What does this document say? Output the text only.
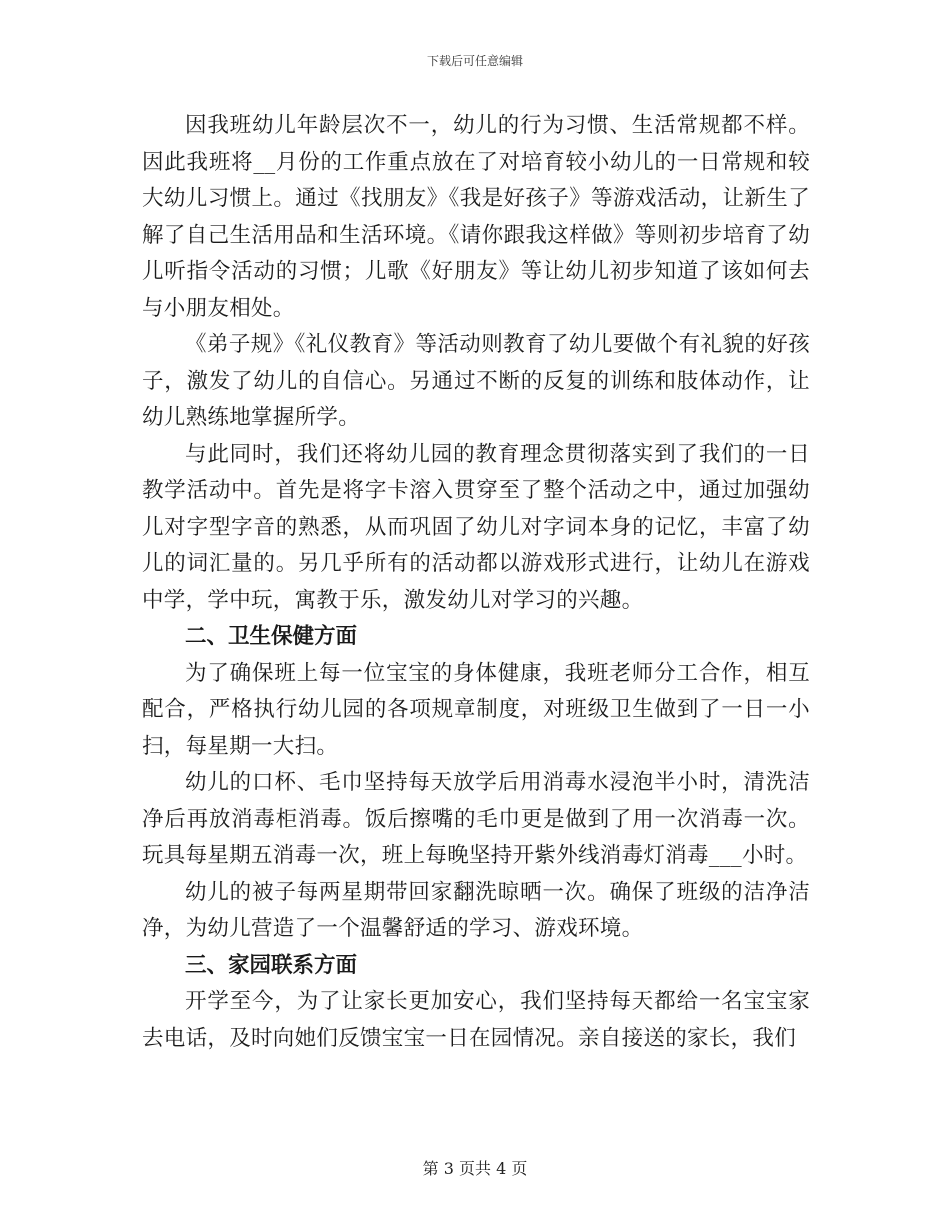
下载后可任意编辑

因我班幼儿年龄层次不一，幼儿的行为习惯、生活常规都不样。因此我班将__月份的工作重点放在了对培育较小幼儿的一日常规和较大幼儿习惯上。通过《找朋友》《我是好孩子》等游戏活动，让新生了解了自己生活用品和生活环境。《请你跟我这样做》等则初步培育了幼儿听指令活动的习惯；儿歌《好朋友》等让幼儿初步知道了该如何去与小朋友相处。

《弟子规》《礼仪教育》等活动则教育了幼儿要做个有礼貌的好孩子，激发了幼儿的自信心。另通过不断的反复的训练和肢体动作，让幼儿熟练地掌握所学。

与此同时，我们还将幼儿园的教育理念贯彻落实到了我们的一日教学活动中。首先是将字卡溶入贯穿至了整个活动之中，通过加强幼儿对字型字音的熟悉，从而巩固了幼儿对字词本身的记忆，丰富了幼儿的词汇量的。另几乎所有的活动都以游戏形式进行，让幼儿在游戏中学，学中玩，寓教于乐，激发幼儿对学习的兴趣。

二、卫生保健方面

为了确保班上每一位宝宝的身体健康，我班老师分工合作，相互配合，严格执行幼儿园的各项规章制度，对班级卫生做到了一日一小扫，每星期一大扫。

幼儿的口杯、毛巾坚持每天放学后用消毒水浸泡半小时，清洗洁净后再放消毒柜消毒。饭后擦嘴的毛巾更是做到了用一次消毒一次。玩具每星期五消毒一次，班上每晚坚持开紫外线消毒灯消毒___小时。

幼儿的被子每两星期带回家翻洗晾晒一次。确保了班级的洁净洁净，为幼儿营造了一个温馨舒适的学习、游戏环境。

三、家园联系方面

开学至今，为了让家长更加安心，我们坚持每天都给一名宝宝家去电话，及时向她们反馈宝宝一日在园情况。亲自接送的家长，我们

第 3 页共 4 页
